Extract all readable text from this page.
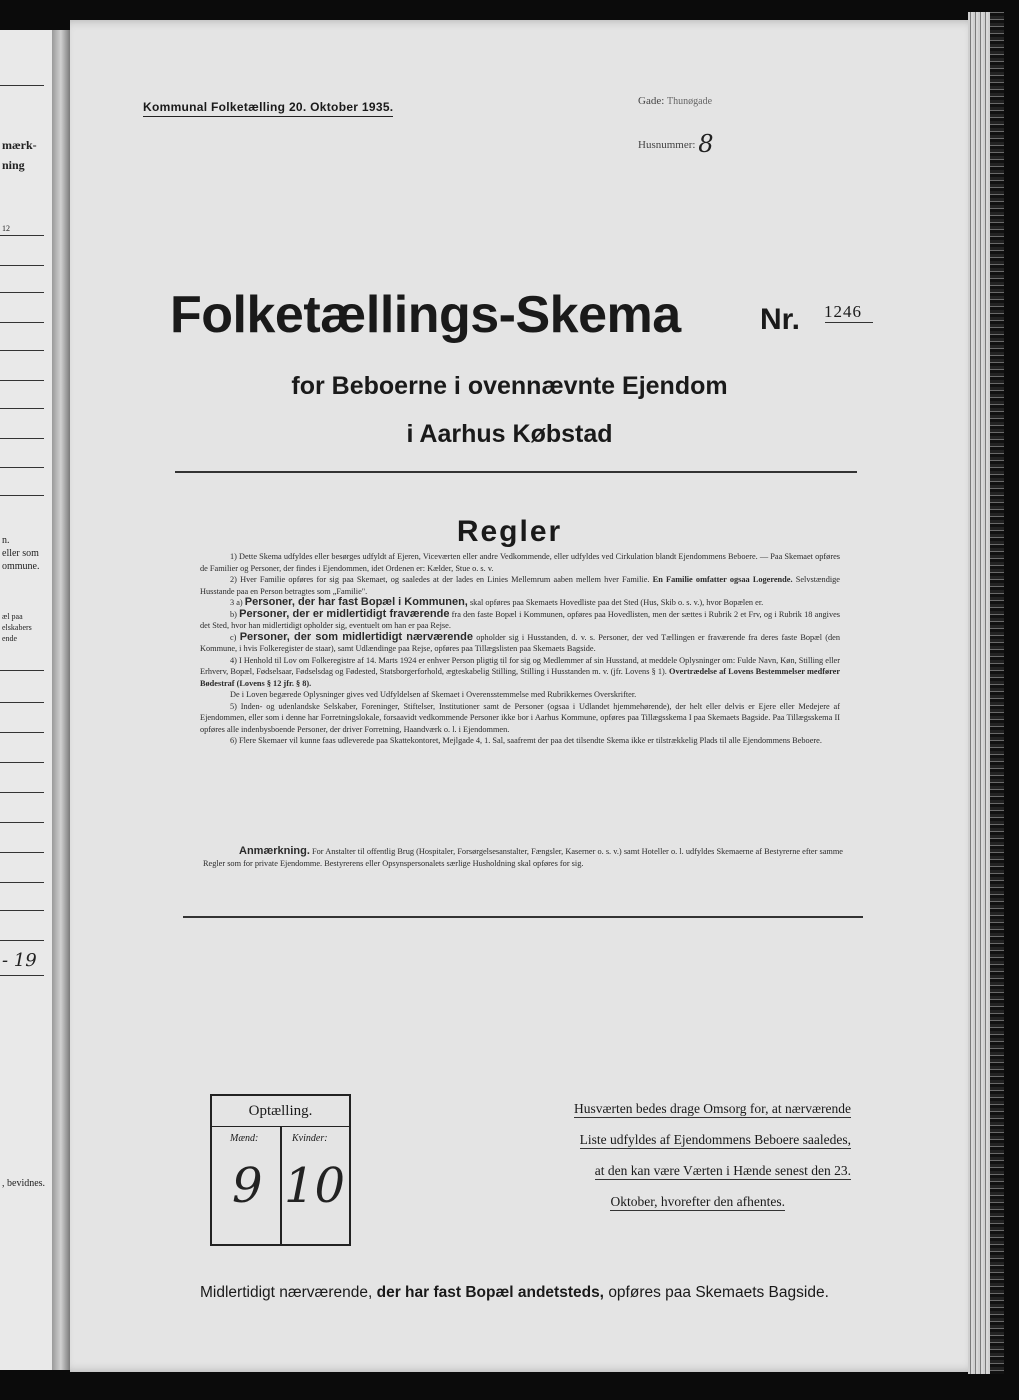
mærk-
ning
12
n.
eller som
ommune.
æl paa
elskabers
ende
- 19
, bevidnes.
Kommunal Folketælling 20. Oktober 1935.	Gade: Thunøgade
Husnummer: 8
Folketællings-Skema	Nr. 1246
for Beboerne i ovennævnte Ejendom
i Aarhus Købstad
Regler

1) Dette Skema udfyldes eller besørges udfyldt af Ejeren, Viceværten eller andre Vedkommende, eller udfyldes ved Cirkulation blandt Ejendommens Beboere. — Paa Skemaet opføres de Familier og Personer, der findes i Ejendommen, idet Ordenen er: Kælder, Stue o. s. v.

2) Hver Familie opføres for sig paa Skemaet, og saaledes at der lades en Linies Mellemrum aaben mellem hver Familie. En Familie omfatter ogsaa Logerende. Selvstændige Husstande paa en Person betragtes som „Familie".

3 a) Personer, der har fast Bopæl i Kommunen, skal opføres paa Skemaets Hovedliste paa det Sted (Hus, Skib o. s. v.), hvor Bopælen er.

b) Personer, der er midlertidigt fraværende fra den faste Bopæl i Kommunen, opføres paa Hovedlisten, men der sættes i Rubrik 2 et Frv, og i Rubrik 18 angives det Sted, hvor han midlertidigt opholder sig, eventuelt om han er paa Rejse.

c) Personer, der som midlertidigt nærværende opholder sig i Husstanden, d. v. s. Personer, der ved Tællingen er fraværende fra deres faste Bopæl (den Kommune, i hvis Folkeregister de staar), samt Udlændinge paa Rejse, opføres paa Tillægslisten paa Skemaets Bagside.

4) I Henhold til Lov om Folkeregistre af 14. Marts 1924 er enhver Person pligtig til for sig og Medlemmer af sin Husstand, at meddele Oplysninger om: Fulde Navn, Køn, Stilling eller Erhverv, Bopæl, Fødselsaar, Fødselsdag og Fødested, Statsborgerforhold, ægteskabelig Stilling, Stilling i Husstanden m. v. (jfr. Lovens § 1). Overtrædelse af Lovens Bestemmelser medfører Bødestraf (Lovens § 12 jfr. § 8).

De i Loven begærede Oplysninger gives ved Udfyldelsen af Skemaet i Overensstemmelse med Rubrikkernes Overskrifter.

5) Inden- og udenlandske Selskaber, Foreninger, Stiftelser, Institutioner samt de Personer (ogsaa i Udlandet hjemmehørende), der helt eller delvis er Ejere eller Medejere af Ejendommen, eller som i denne har Forretningslokale, forsaavidt vedkommende Personer ikke bor i Aarhus Kommune, opføres paa Tillægsskema I paa Skemaets Bagside. Paa Tillægsskema II opføres alle indenbysboende Personer, der driver Forretning, Haandværk o. l. i Ejendommen.

6) Flere Skemaer vil kunne faas udleverede paa Skattekontoret, Mejlgade 4, 1. Sal, saafremt der paa det tilsendte Skema ikke er tilstrækkelig Plads til alle Ejendommens Beboere.

Anmærkning. For Anstalter til offentlig Brug (Hospitaler, Forsørgelsesanstalter, Fængsler, Kaserner o. s. v.) samt Hoteller o. l. udfyldes Skemaerne af Bestyrerne efter samme Regler som for private Ejendomme. Bestyrerens eller Opsynspersonalets særlige Husholdning skal opføres for sig.
Optælling.
Mænd:	Kvinder:
9 10
Husværten bedes drage Omsorg for, at nærværende
Liste udfyldes af Ejendommens Beboere saaledes,
at den kan være Værten i Hænde senest den 23.
Oktober, hvorefter den afhentes.
Midlertidigt nærværende, der har fast Bopæl andetsteds, opføres paa Skemaets Bagside.
